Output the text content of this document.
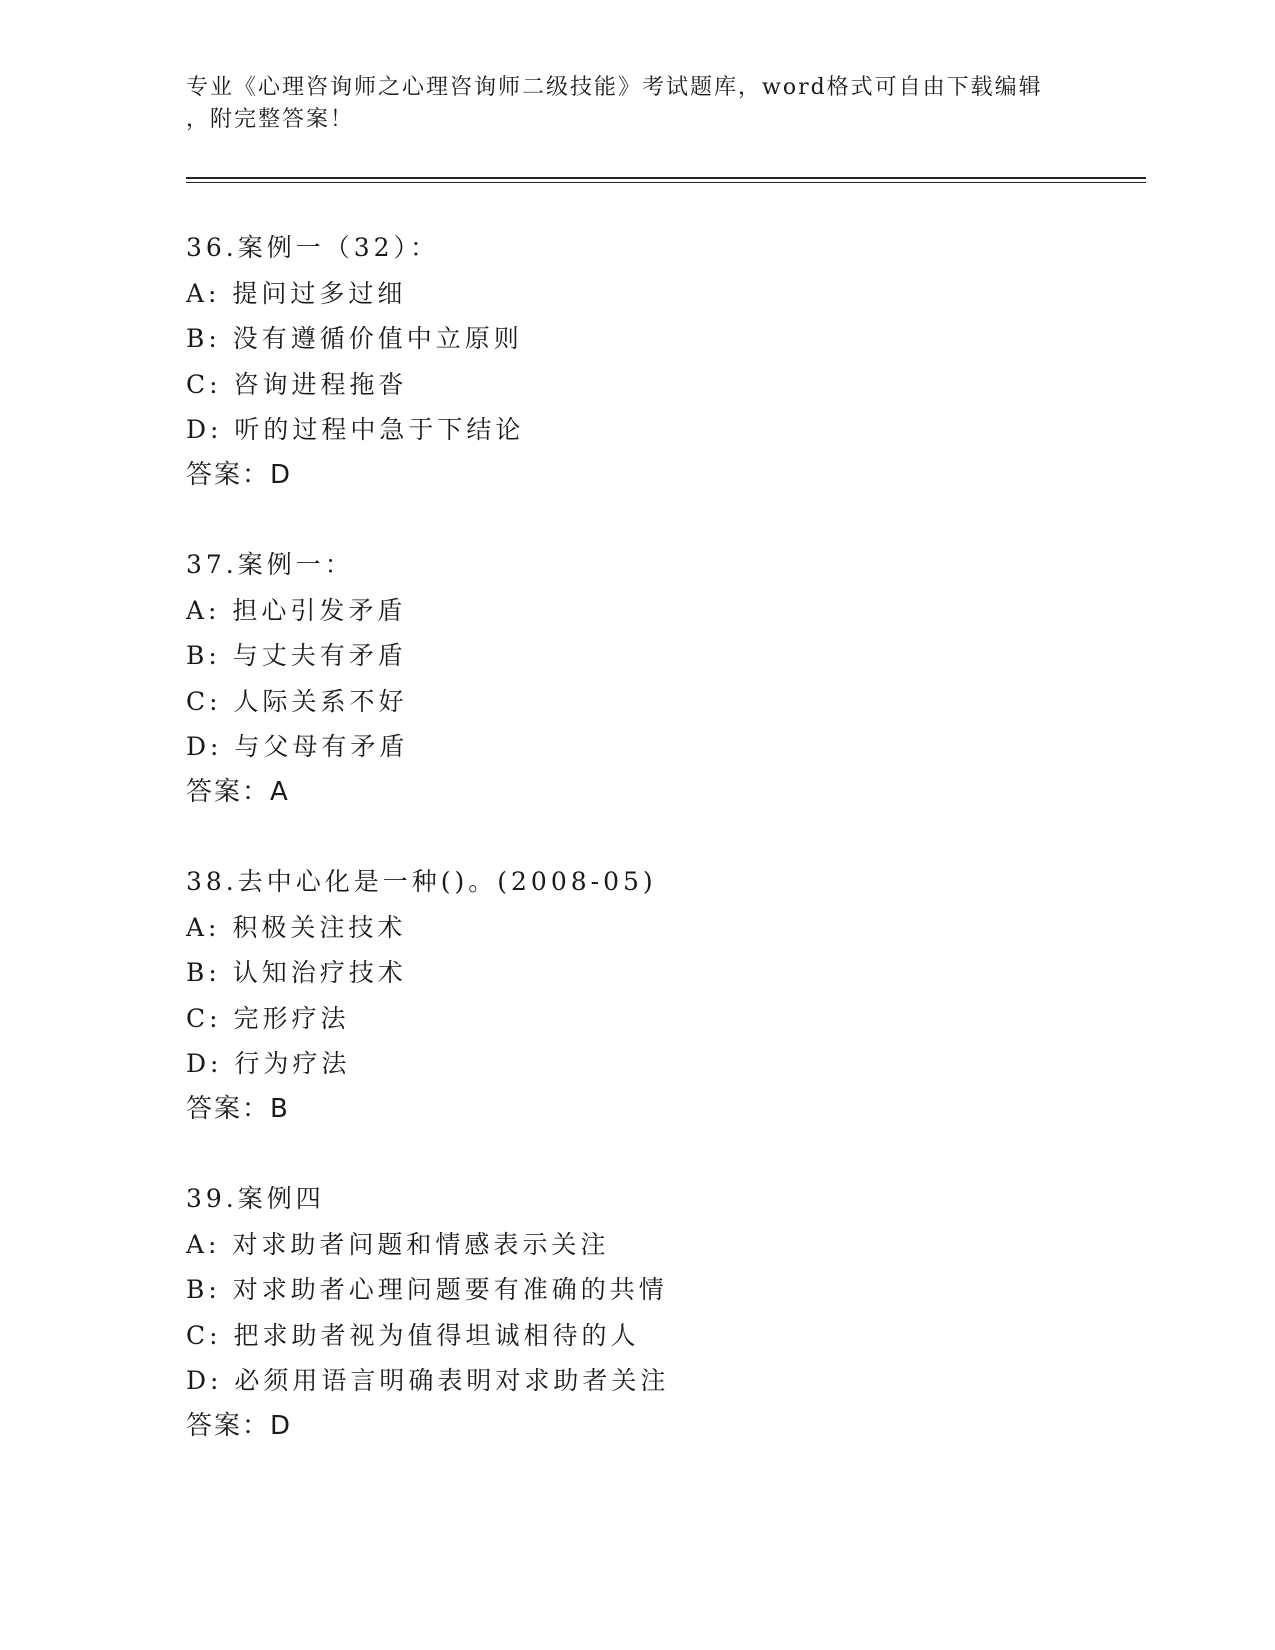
专业《心理咨询师之心理咨询师二级技能》考试题库，word格式可自由下载编辑
，附完整答案！
36.案例一（32）：
A: 提问过多过细
B: 没有遵循价值中立原则
C: 咨询进程拖沓
D: 听的过程中急于下结论
答案：D
37.案例一：
A: 担心引发矛盾
B: 与丈夫有矛盾
C: 人际关系不好
D: 与父母有矛盾
答案：A
38.去中心化是一种()。(2008-05)
A: 积极关注技术
B: 认知治疗技术
C: 完形疗法
D: 行为疗法
答案：B
39.案例四
A: 对求助者问题和情感表示关注
B: 对求助者心理问题要有准确的共情
C: 把求助者视为值得坦诚相待的人
D: 必须用语言明确表明对求助者关注
答案：D
